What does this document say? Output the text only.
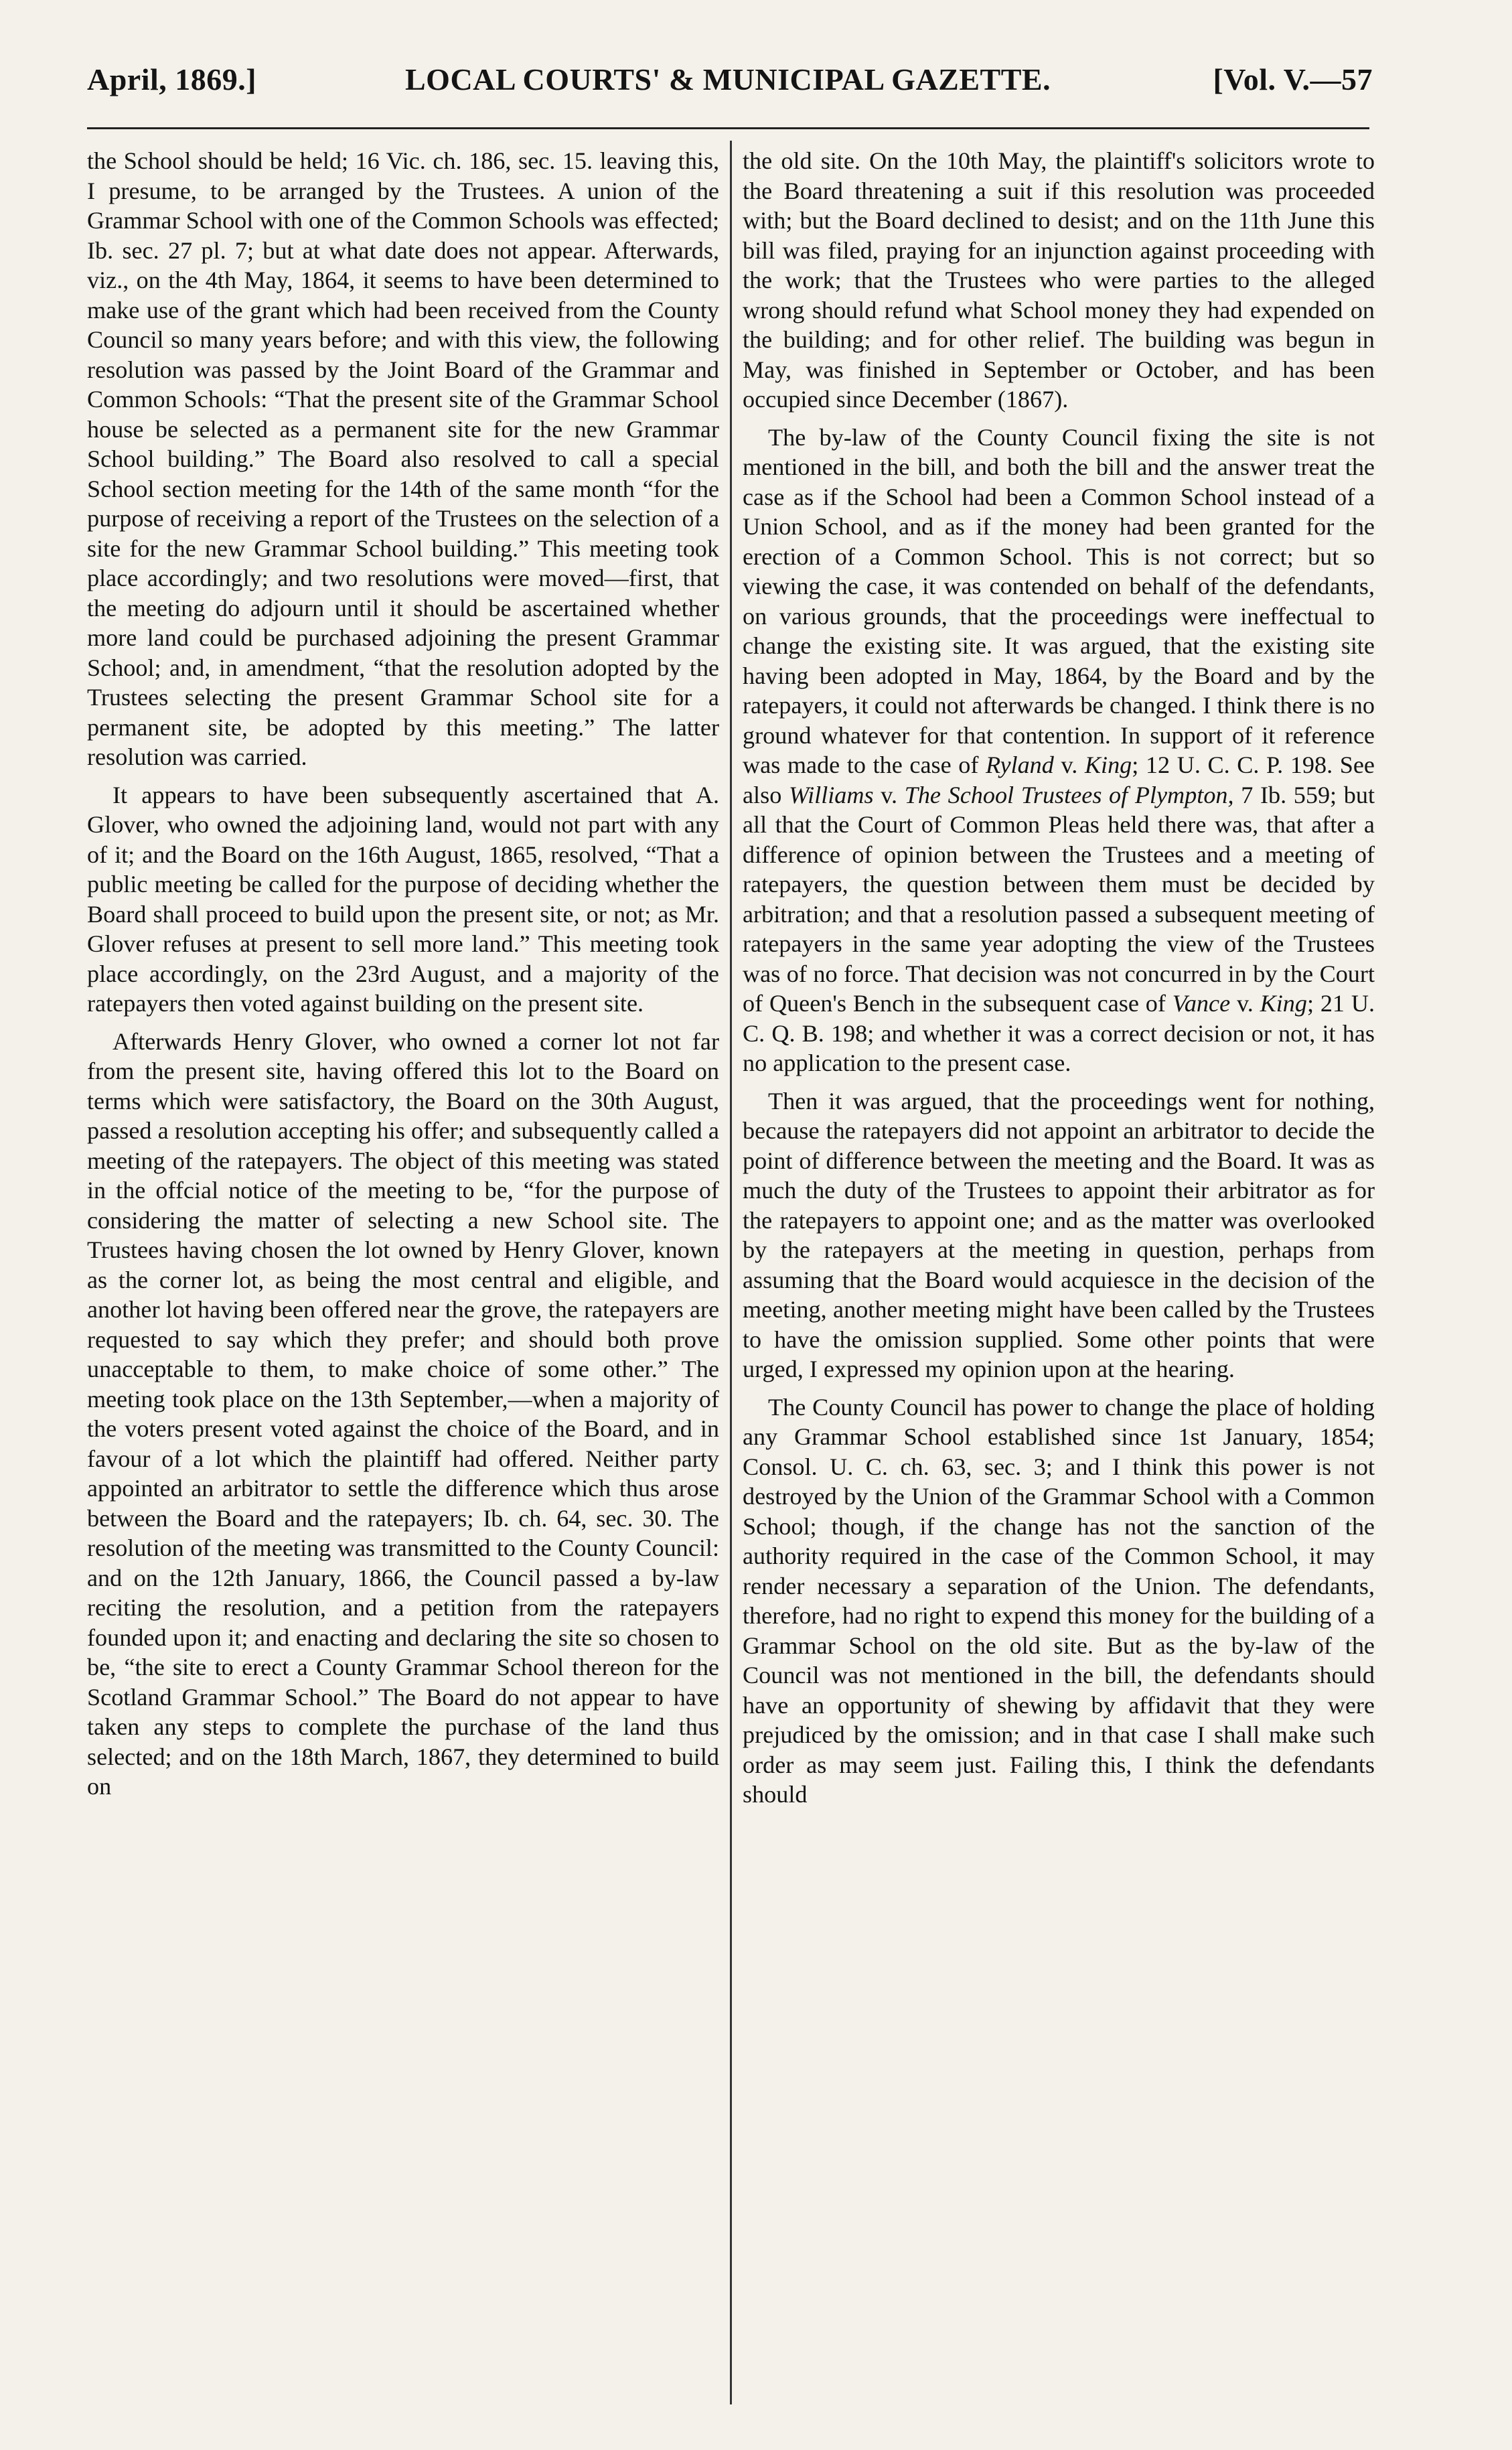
April, 1869.]	LOCAL COURTS' & MUNICIPAL GAZETTE.	[Vol. V.—57

the School should be held; 16 Vic. ch. 186, sec. 15. leaving this, I presume, to be arranged by the Trustees. A union of the Grammar School with one of the Common Schools was effected; Ib. sec. 27 pl. 7; but at what date does not appear. Afterwards, viz., on the 4th May, 1864, it seems to have been determined to make use of the grant which had been received from the County Council so many years before; and with this view, the following resolution was passed by the Joint Board of the Grammar and Common Schools: “That the present site of the Grammar School house be selected as a permanent site for the new Grammar School building.” The Board also resolved to call a special School section meeting for the 14th of the same month “for the purpose of receiving a report of the Trustees on the selection of a site for the new Grammar School building.” This meeting took place accordingly; and two resolutions were moved—first, that the meeting do adjourn until it should be ascertained whether more land could be purchased adjoining the present Grammar School; and, in amendment, “that the resolution adopted by the Trustees selecting the present Grammar School site for a permanent site, be adopted by this meeting.” The latter resolution was carried.

It appears to have been subsequently ascertained that A. Glover, who owned the adjoining land, would not part with any of it; and the Board on the 16th August, 1865, resolved, “That a public meeting be called for the purpose of deciding whether the Board shall proceed to build upon the present site, or not; as Mr. Glover refuses at present to sell more land.” This meeting took place accordingly, on the 23rd August, and a majority of the ratepayers then voted against building on the present site.

Afterwards Henry Glover, who owned a corner lot not far from the present site, having offered this lot to the Board on terms which were satisfactory, the Board on the 30th August, passed a resolution accepting his offer; and subsequently called a meeting of the ratepayers. The object of this meeting was stated in the offcial notice of the meeting to be, “for the purpose of considering the matter of selecting a new School site. The Trustees having chosen the lot owned by Henry Glover, known as the corner lot, as being the most central and eligible, and another lot having been offered near the grove, the ratepayers are requested to say which they prefer; and should both prove unacceptable to them, to make choice of some other.” The meeting took place on the 13th September,—when a majority of the voters present voted against the choice of the Board, and in favour of a lot which the plaintiff had offered. Neither party appointed an arbitrator to settle the difference which thus arose between the Board and the ratepayers; Ib. ch. 64, sec. 30. The resolution of the meeting was transmitted to the County Council: and on the 12th January, 1866, the Council passed a by-law reciting the resolution, and a petition from the ratepayers founded upon it; and enacting and declaring the site so chosen to be, “the site to erect a County Grammar School thereon for the Scotland Grammar School.” The Board do not appear to have taken any steps to complete the purchase of the land thus selected; and on the 18th March, 1867, they determined to build on

the old site. On the 10th May, the plaintiff's solicitors wrote to the Board threatening a suit if this resolution was proceeded with; but the Board declined to desist; and on the 11th June this bill was filed, praying for an injunction against proceeding with the work; that the Trustees who were parties to the alleged wrong should refund what School money they had expended on the building; and for other relief. The building was begun in May, was finished in September or October, and has been occupied since December (1867).

The by-law of the County Council fixing the site is not mentioned in the bill, and both the bill and the answer treat the case as if the School had been a Common School instead of a Union School, and as if the money had been granted for the erection of a Common School. This is not correct; but so viewing the case, it was contended on behalf of the defendants, on various grounds, that the proceedings were ineffectual to change the existing site. It was argued, that the existing site having been adopted in May, 1864, by the Board and by the ratepayers, it could not afterwards be changed. I think there is no ground whatever for that contention. In support of it reference was made to the case of Ryland v. King; 12 U. C. C. P. 198. See also Williams v. The School Trustees of Plympton, 7 Ib. 559; but all that the Court of Common Pleas held there was, that after a difference of opinion between the Trustees and a meeting of ratepayers, the question between them must be decided by arbitration; and that a resolution passed a subsequent meeting of ratepayers in the same year adopting the view of the Trustees was of no force. That decision was not concurred in by the Court of Queen's Bench in the subsequent case of Vance v. King; 21 U. C. Q. B. 198; and whether it was a correct decision or not, it has no application to the present case.

Then it was argued, that the proceedings went for nothing, because the ratepayers did not appoint an arbitrator to decide the point of difference between the meeting and the Board. It was as much the duty of the Trustees to appoint their arbitrator as for the ratepayers to appoint one; and as the matter was overlooked by the ratepayers at the meeting in question, perhaps from assuming that the Board would acquiesce in the decision of the meeting, another meeting might have been called by the Trustees to have the omission supplied. Some other points that were urged, I expressed my opinion upon at the hearing.

The County Council has power to change the place of holding any Grammar School established since 1st January, 1854; Consol. U. C. ch. 63, sec. 3; and I think this power is not destroyed by the Union of the Grammar School with a Common School; though, if the change has not the sanction of the authority required in the case of the Common School, it may render necessary a separation of the Union. The defendants, therefore, had no right to expend this money for the building of a Grammar School on the old site. But as the by-law of the Council was not mentioned in the bill, the defendants should have an opportunity of shewing by affidavit that they were prejudiced by the omission; and in that case I shall make such order as may seem just. Failing this, I think the defendants should
